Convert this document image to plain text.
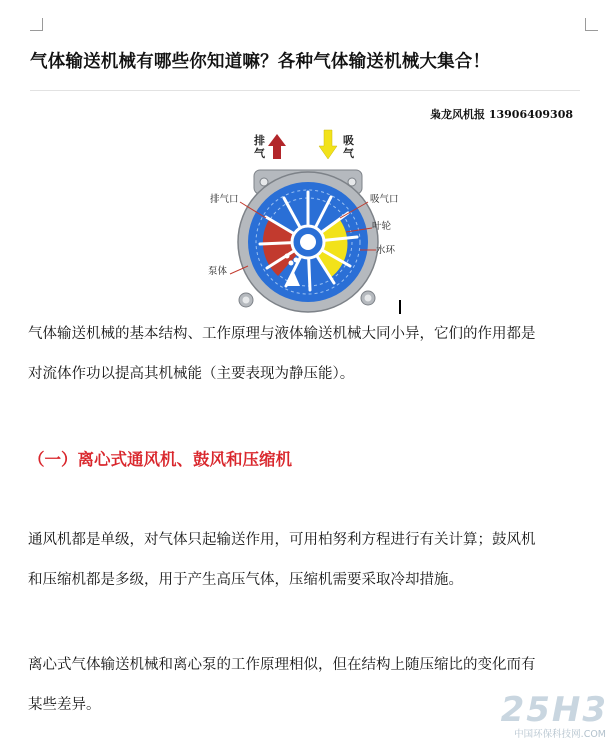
气体输送机械有哪些你知道嘛？各种气体输送机械大集合！
枭龙风机报 13906409308
排
气
吸
气
排气口	吸气口
叶轮
水环
泵体
气体输送机械的基本结构、工作原理与液体输送机械大同小异，它们的作用都是
对流体作功以提高其机械能（主要表现为静压能）。
（一）离心式通风机、鼓风和压缩机
通风机都是单级，对气体只起输送作用，可用柏努利方程进行有关计算；鼓风机
和压缩机都是多级，用于产生高压气体，压缩机需要采取冷却措施。
离心式气体输送机械和离心泵的工作原理相似，但在结构上随压缩比的变化而有
某些差异。	25H3
中国环保科技网.COM
